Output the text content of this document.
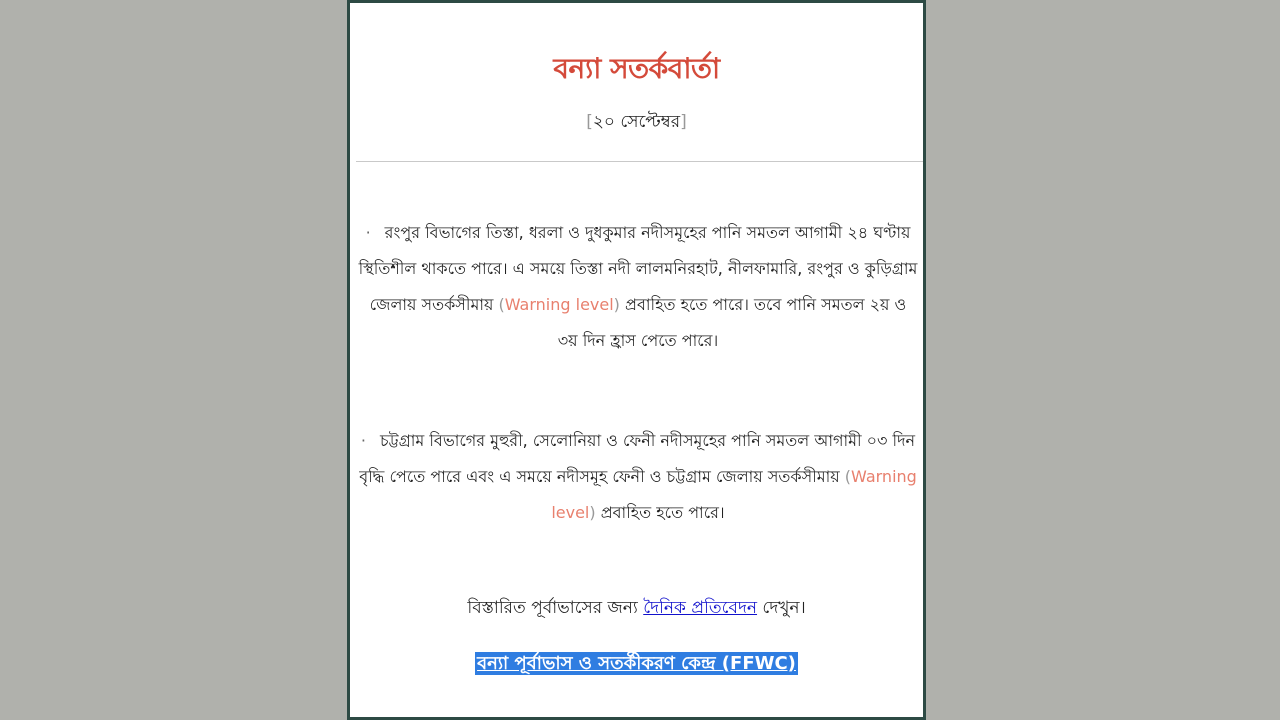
বন্যা সতর্কবার্তা
[২০ সেপ্টেম্বর]
· রংপুর বিভাগের তিস্তা, ধরলা ও দুধকুমার নদীসমূহের পানি সমতল আগামী ২৪ ঘণ্টায় স্থিতিশীল থাকতে পারে। এ সময়ে তিস্তা নদী লালমনিরহাট, নীলফামারি, রংপুর ও কুড়িগ্রাম জেলায় সতর্কসীমায় (Warning level) প্রবাহিত হতে পারে। তবে পানি সমতল ২য় ও ৩য় দিন হ্রাস পেতে পারে।
· চট্টগ্রাম বিভাগের মুহুরী, সেলোনিয়া ও ফেনী নদীসমূহের পানি সমতল আগামী ০৩ দিন বৃদ্ধি পেতে পারে এবং এ সময়ে নদীসমূহ ফেনী ও চট্টগ্রাম জেলায় সতর্কসীমায় (Warning level) প্রবাহিত হতে পারে।
বিস্তারিত পূর্বাভাসের জন্য দৈনিক প্রতিবেদন দেখুন।
বন্যা পূর্বাভাস ও সতর্কীকরণ কেন্দ্র (FFWC)
